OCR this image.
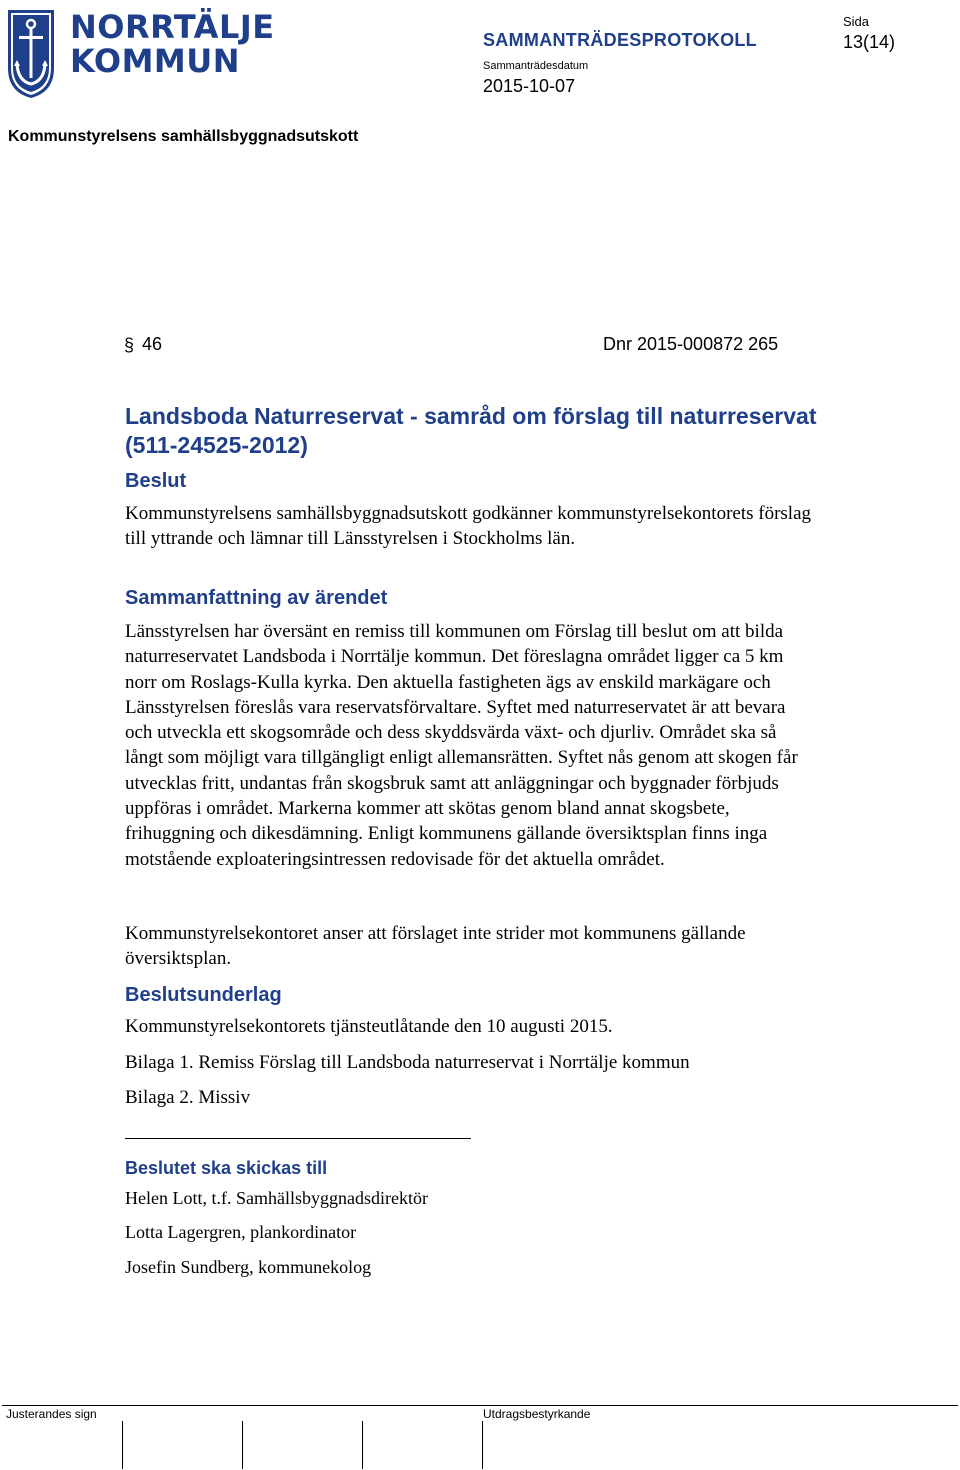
NORRTÄLJE
KOMMUN
SAMMANTRÄDESPROTOKOLL
Sida
13(14)
Sammanträdesdatum
2015-10-07
Kommunstyrelsens samhällsbyggnadsutskott
§ 46	Dnr 2015-000872 265
Landsboda Naturreservat - samråd om förslag till naturreservat (511-24525-2012)
Beslut
Kommunstyrelsens samhällsbyggnadsutskott godkänner kommunstyrelsekontorets förslag till yttrande och lämnar till Länsstyrelsen i Stockholms län.
Sammanfattning av ärendet
Länsstyrelsen har översänt en remiss till kommunen om Förslag till beslut om att bilda naturreservatet Landsboda i Norrtälje kommun. Det föreslagna området ligger ca 5 km norr om Roslags-Kulla kyrka. Den aktuella fastigheten ägs av enskild markägare och Länsstyrelsen föreslås vara reservatsförvaltare. Syftet med naturreservatet är att bevara och utveckla ett skogsområde och dess skyddsvärda växt- och djurliv. Området ska så långt som möjligt vara tillgängligt enligt allemansrätten. Syftet nås genom att skogen får utvecklas fritt, undantas från skogsbruk samt att anläggningar och byggnader förbjuds uppföras i området. Markerna kommer att skötas genom bland annat skogsbete, frihuggning och dikesdämning. Enligt kommunens gällande översiktsplan finns inga motstående exploateringsintressen redovisade för det aktuella området.
Kommunstyrelsekontoret anser att förslaget inte strider mot kommunens gällande översiktsplan.
Beslutsunderlag
Kommunstyrelsekontorets tjänsteutlåtande den 10 augusti 2015.
Bilaga 1. Remiss Förslag till Landsboda naturreservat i Norrtälje kommun
Bilaga 2. Missiv
Beslutet ska skickas till
Helen Lott, t.f. Samhällsbyggnadsdirektör
Lotta Lagergren, plankordinator
Josefin Sundberg, kommunekolog
Justerandes sign	Utdragsbestyrkande
